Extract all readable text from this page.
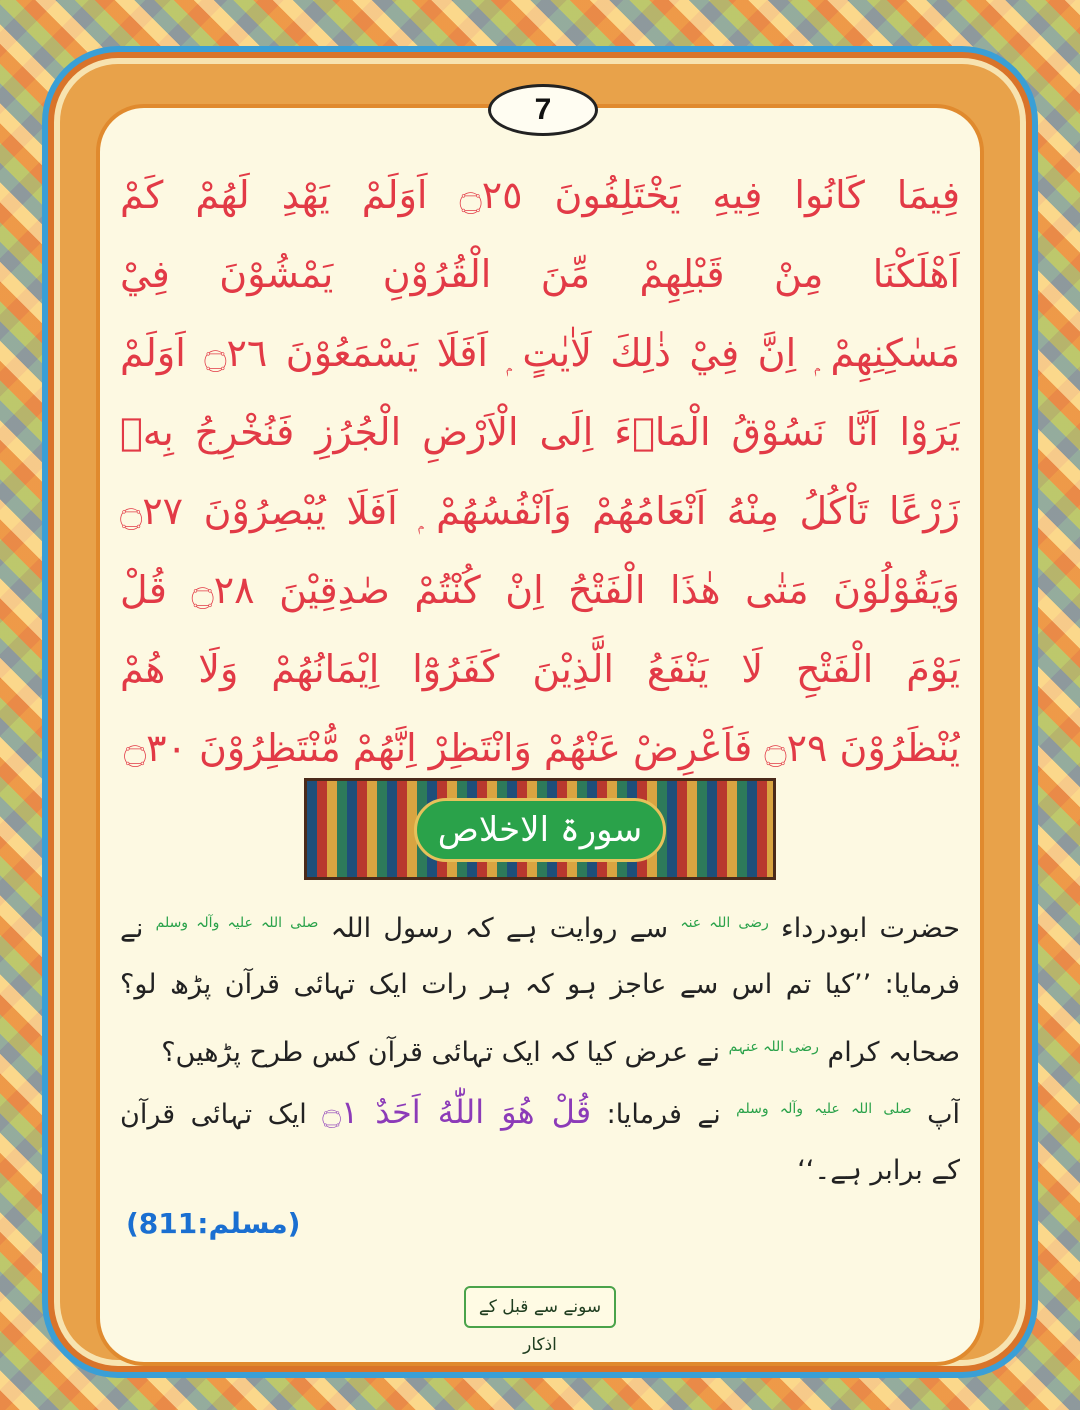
7
فِيمَا كَانُوا فِيهِ يَخْتَلِفُونَ ۝٢٥ اَوَلَمْ يَهْدِ لَهُمْ كَمْ
اَهْلَكْنَا مِنْ قَبْلِهِمْ مِّنَ الْقُرُوْنِ يَمْشُوْنَ فِيْ
مَسٰكِنِهِمْ ۭ اِنَّ فِيْ ذٰلِكَ لَاٰيٰتٍ ۭ اَفَلَا يَسْمَعُوْنَ ۝٢٦ اَوَلَمْ
يَرَوْا اَنَّا نَسُوْقُ الْمَاۗءَ اِلَى الْاَرْضِ الْجُرُزِ فَنُخْرِجُ بِهٖ
زَرْعًا تَاْكُلُ مِنْهُ اَنْعَامُهُمْ وَاَنْفُسُهُمْ ۭ اَفَلَا يُبْصِرُوْنَ ۝٢٧
وَيَقُوْلُوْنَ مَتٰى هٰذَا الْفَتْحُ اِنْ كُنْتُمْ صٰدِقِيْنَ ۝٢٨ قُلْ
يَوْمَ الْفَتْحِ لَا يَنْفَعُ الَّذِيْنَ كَفَرُوْٓا اِيْمَانُهُمْ وَلَا هُمْ
يُنْظَرُوْنَ ۝٢٩ فَاَعْرِضْ عَنْهُمْ وَانْتَظِرْ اِنَّهُمْ مُّنْتَظِرُوْنَ ۝٣٠
سورۃ الاخلاص
حضرت ابودرداء $^{رضی اللہ عنہ}$ سے روایت ہے کہ رسول اللہ $^{صلی اللہ علیہ وآلہ وسلم}$ نے
فرمایا: ’’کیا تم اس سے عاجز ہو کہ ہر رات ایک تہائی قرآن پڑھ لو؟
صحابہ کرام $^{رضی اللہ عنہم}$ نے عرض کیا کہ ایک تہائی قرآن کس طرح پڑھیں؟
آپ $^{صلی اللہ علیہ وآلہ وسلم}$ نے فرمایا: قُلْ هُوَ اللّٰهُ اَحَدٌ ۝١ ایک تہائی قرآن
کے برابر ہے۔‘‘
(مسلم:811)
سونے سے قبل کے اذکار
